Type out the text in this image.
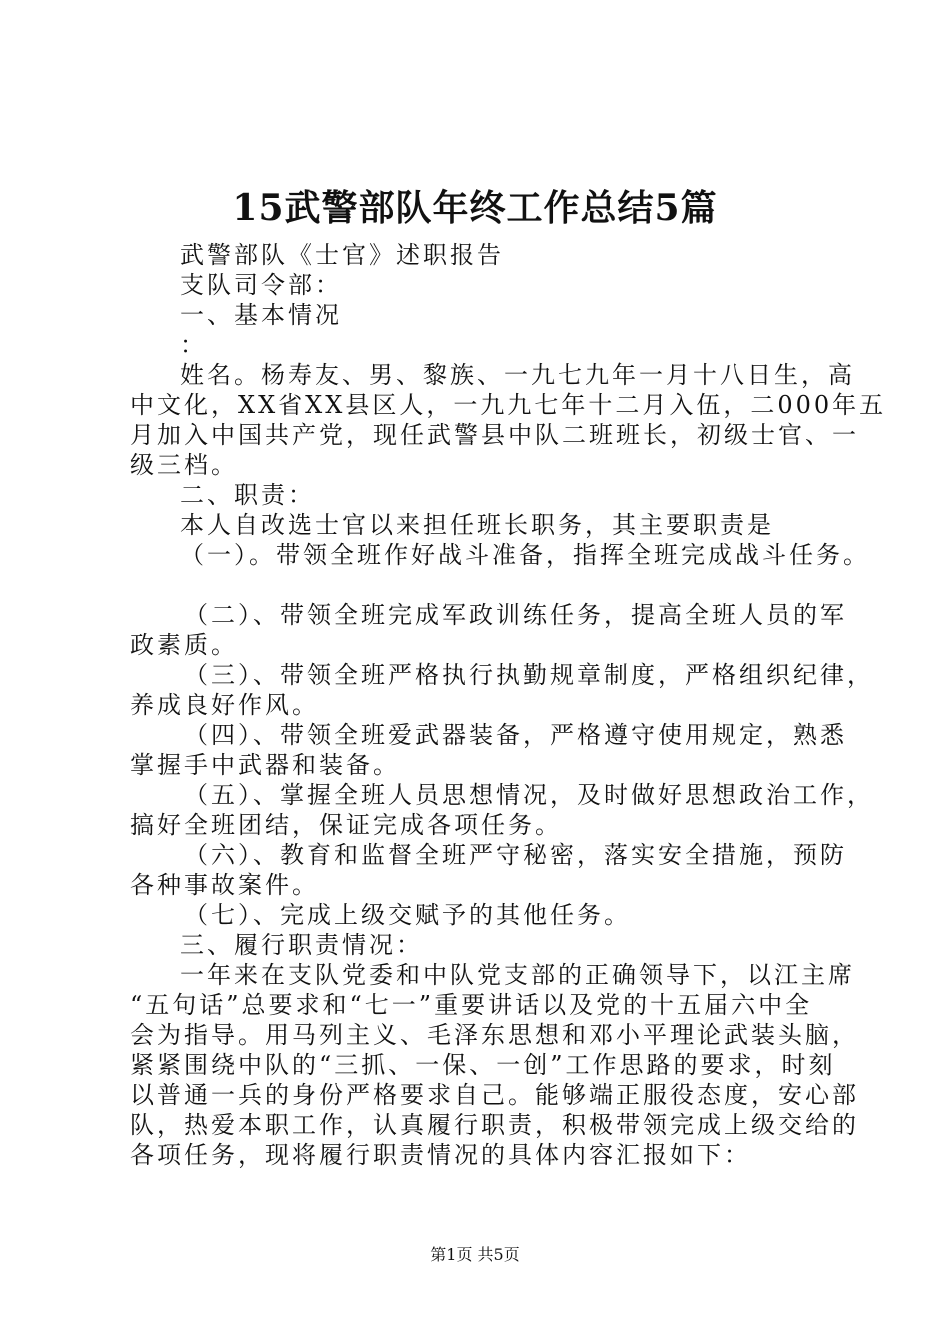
15武警部队年终工作总结5篇
武警部队《士官》述职报告
支队司令部：
一、基本情况
：
姓名。杨寿友、男、黎族、一九七九年一月十八日生，高
中文化，XX省XX县区人，一九九七年十二月入伍，二000年五
月加入中国共产党，现任武警县中队二班班长，初级士官、一
级三档。
二、职责：
本人自改选士官以来担任班长职务，其主要职责是
（一）。带领全班作好战斗准备，指挥全班完成战斗任务。
（二）、带领全班完成军政训练任务，提高全班人员的军
政素质。
（三）、带领全班严格执行执勤规章制度，严格组织纪律，
养成良好作风。
（四）、带领全班爱武器装备，严格遵守使用规定，熟悉
掌握手中武器和装备。
（五）、掌握全班人员思想情况，及时做好思想政治工作，
搞好全班团结，保证完成各项任务。
（六）、教育和监督全班严守秘密，落实安全措施，预防
各种事故案件。
（七）、完成上级交赋予的其他任务。
三、履行职责情况：
一年来在支队党委和中队党支部的正确领导下，以江主席
“五句话”总要求和“七一”重要讲话以及党的十五届六中全
会为指导。用马列主义、毛泽东思想和邓小平理论武装头脑，
紧紧围绕中队的“三抓、一保、一创”工作思路的要求，时刻
以普通一兵的身份严格要求自己。能够端正服役态度，安心部
队，热爱本职工作，认真履行职责，积极带领完成上级交给的
各项任务，现将履行职责情况的具体内容汇报如下：
第1页 共5页
